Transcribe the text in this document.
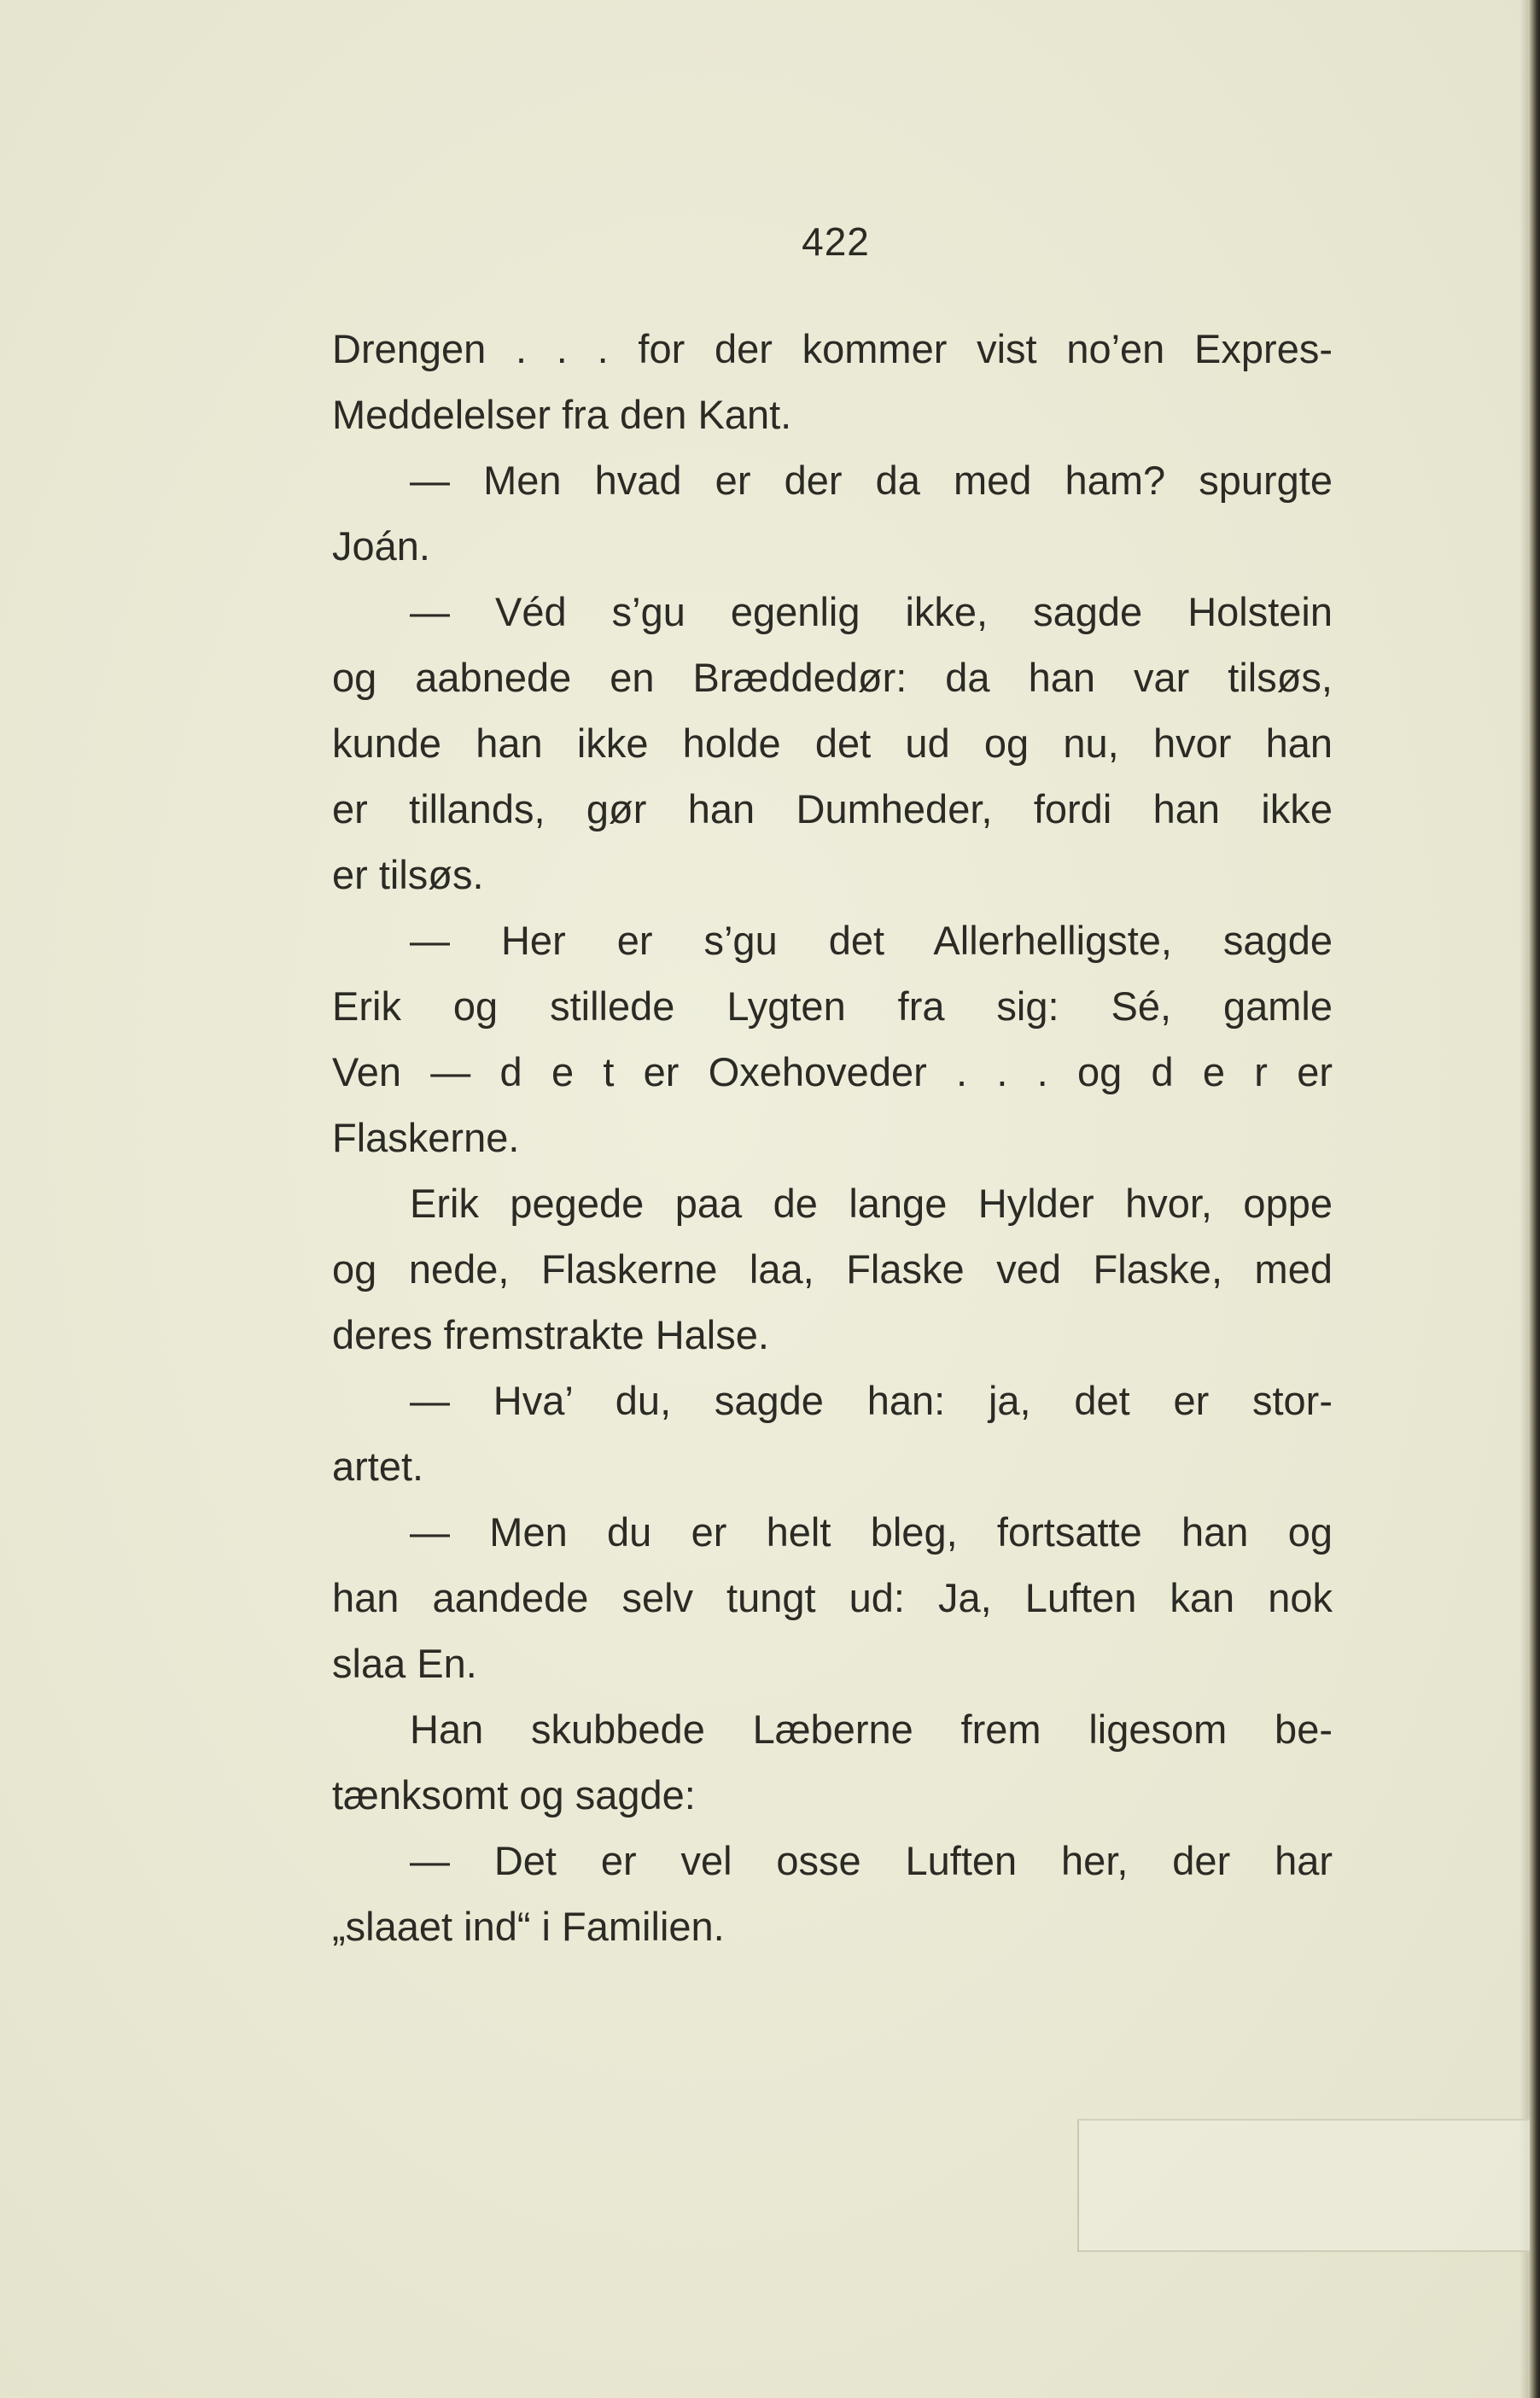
422
Drengen . . . for der kommer vist no’en Expres-
Meddelelser fra den Kant.
— Men hvad er der da med ham? spurgte
Joán.
— Véd s’gu egenlig ikke, sagde Holstein
og aabnede en Bræddedør: da han var tilsøs,
kunde han ikke holde det ud og nu, hvor han
er tillands, gør han Dumheder, fordi han ikke
er tilsøs.
— Her er s’gu det Allerhelligste, sagde
Erik og stillede Lygten fra sig: Sé, gamle
Ven — d e t er Oxehoveder . . . og d e r er
Flaskerne.
Erik pegede paa de lange Hylder hvor, oppe
og nede, Flaskerne laa, Flaske ved Flaske, med
deres fremstrakte Halse.
— Hva’ du, sagde han: ja, det er stor-
artet.
— Men du er helt bleg, fortsatte han og
han aandede selv tungt ud: Ja, Luften kan nok
slaa En.
Han skubbede Læberne frem ligesom be-
tænksomt og sagde:
— Det er vel osse Luften her, der har
„slaaet ind“ i Familien.
